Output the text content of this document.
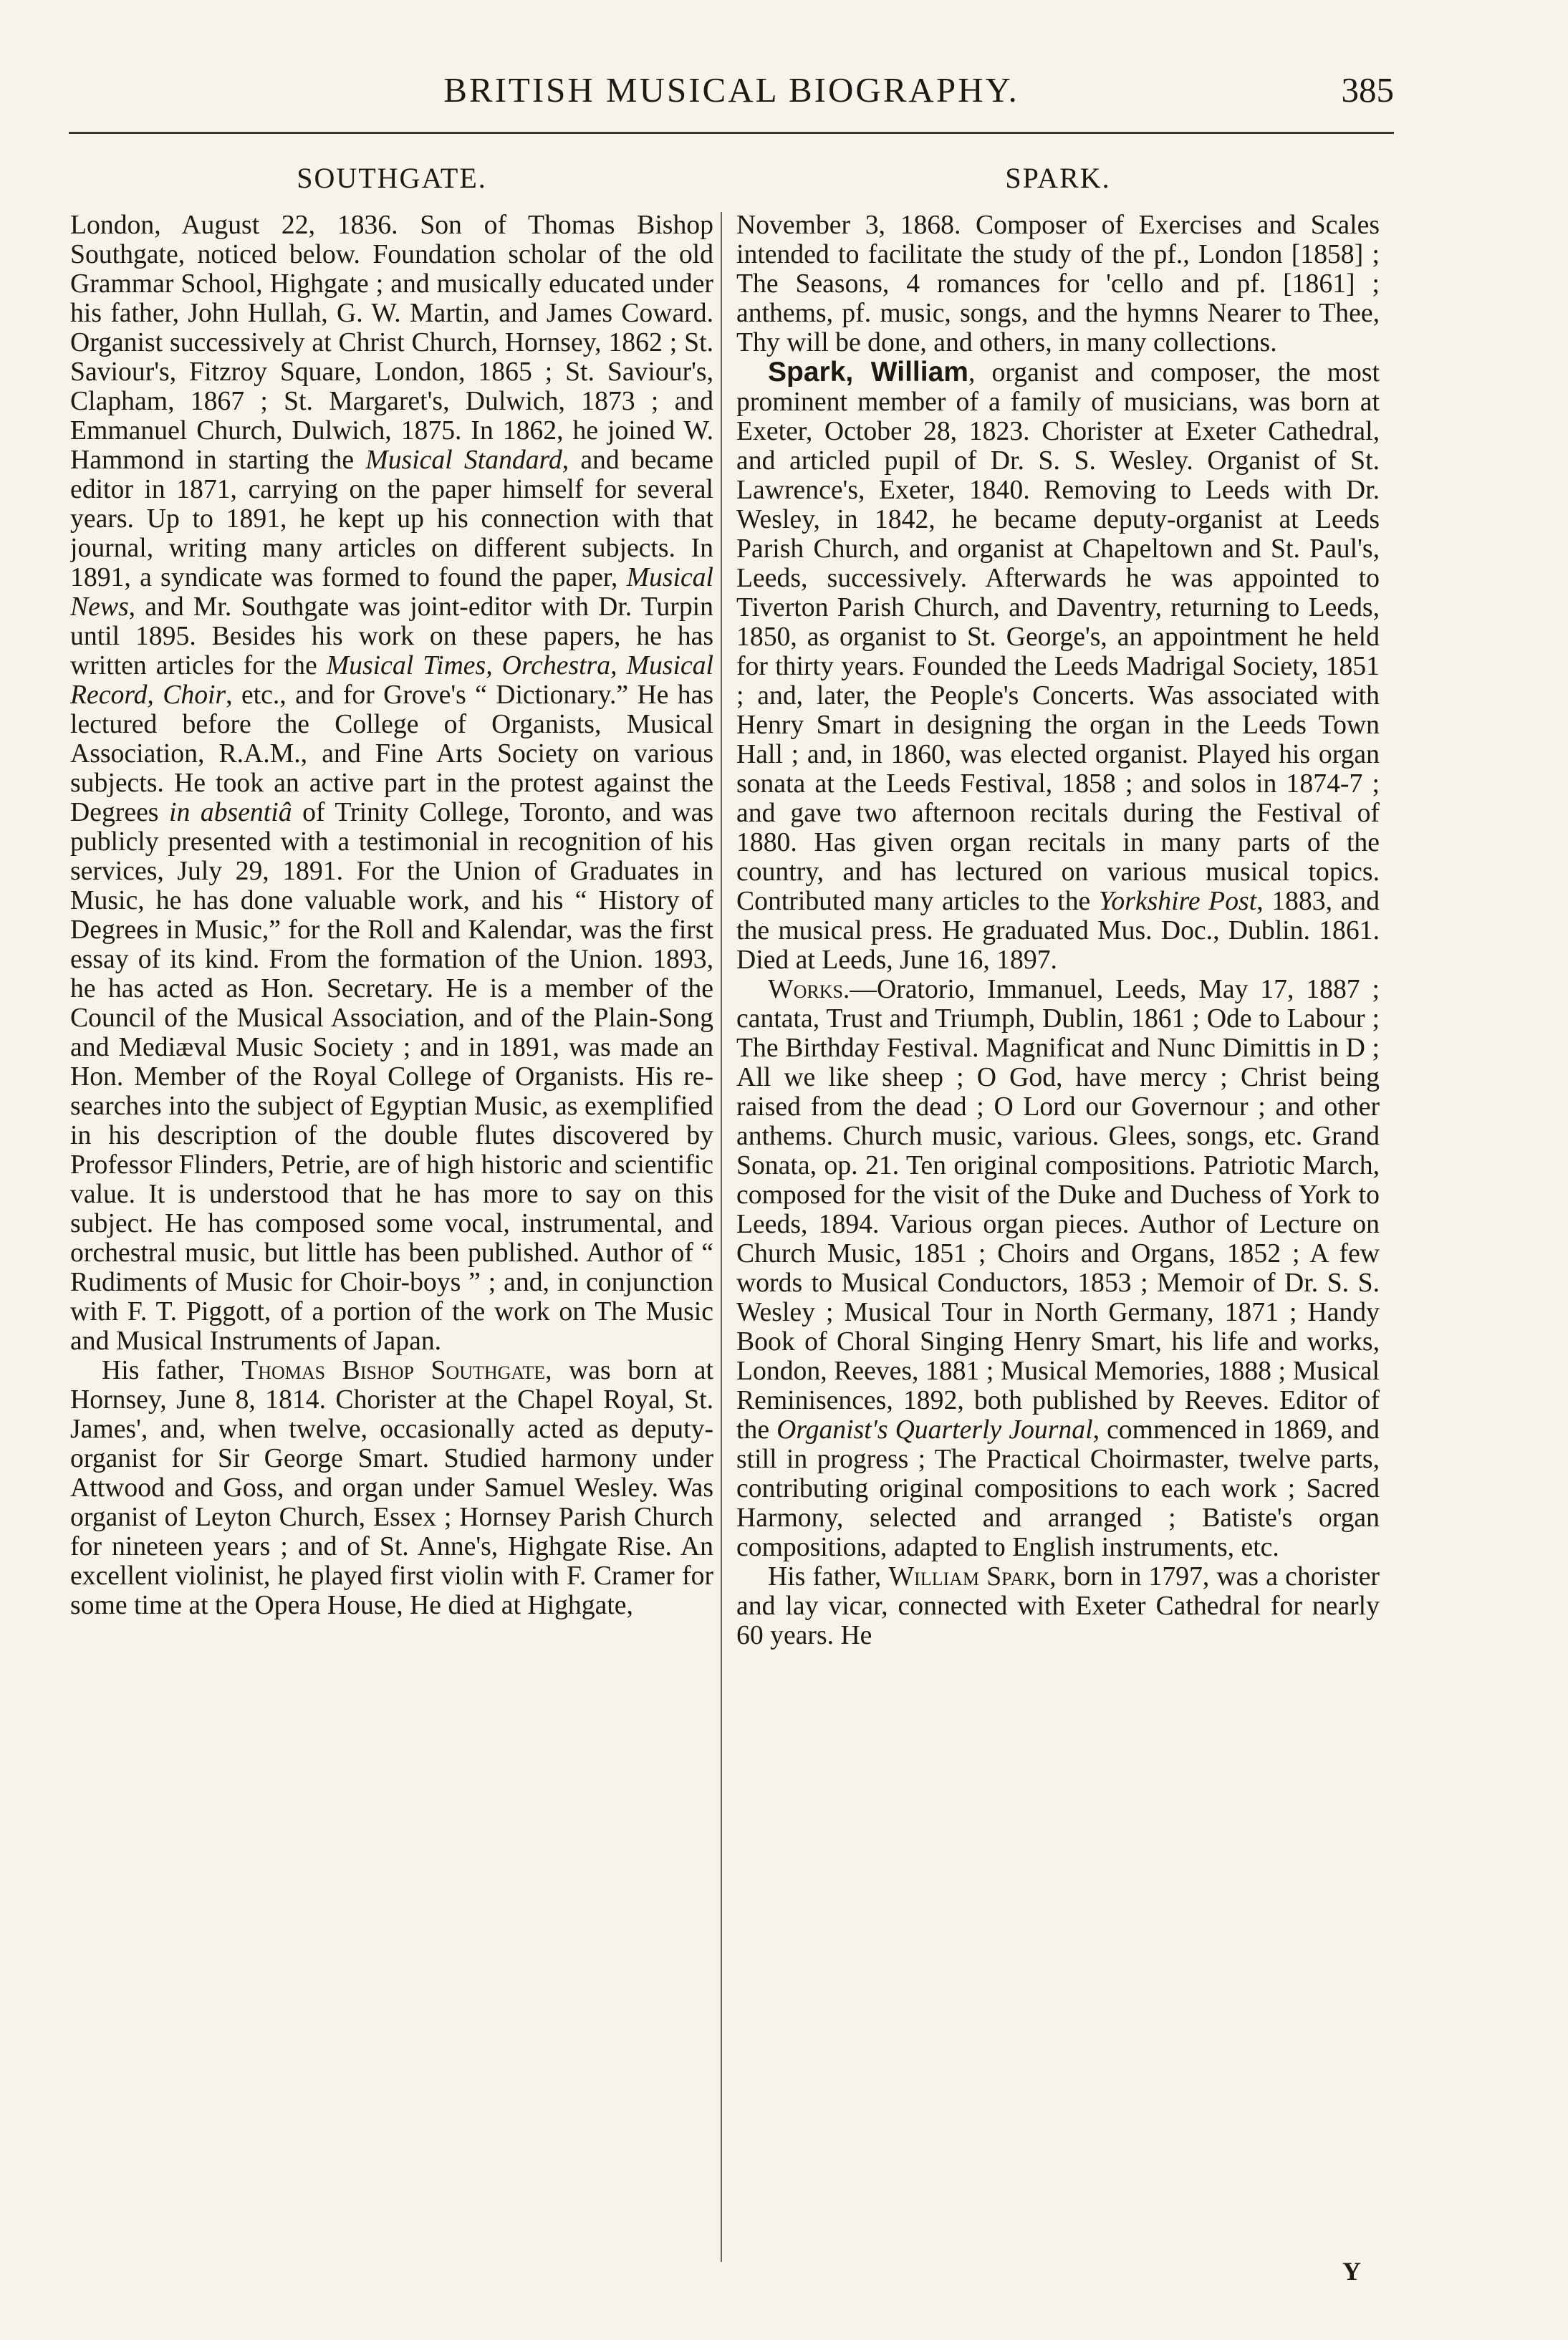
BRITISH MUSICAL BIOGRAPHY.	385
SOUTHGATE.	SPARK.

London, August 22, 1836. Son of Thomas Bishop Southgate, noticed below. Foundation scholar of the old Grammar School, Highgate ; and musically educated under his father, John Hullah, G. W. Martin, and James Coward. Organist successively at Christ Church, Hornsey, 1862 ; St. Saviour's, Fitzroy Square, London, 1865 ; St. Saviour's, Clapham, 1867 ; St. Margaret's, Dulwich, 1873 ; and Emmanuel Church, Dulwich, 1875. In 1862, he joined W. Hammond in starting the Musical Standard, and became editor in 1871, carrying on the paper himself for several years. Up to 1891, he kept up his connection with that journal, writing many articles on different subjects. In 1891, a syndicate was formed to found the paper, Musical News, and Mr. Southgate was joint-editor with Dr. Turpin until 1895. Besides his work on these papers, he has written articles for the Musical Times, Orchestra, Musical Record, Choir, etc., and for Grove's “ Dictionary.” He has lectured before the College of Organists, Musical Association, R.A.M., and Fine Arts Society on various subjects. He took an active part in the protest against the Degrees in absentiâ of Trinity College, Toronto, and was publicly presented with a testimonial in recognition of his services, July 29, 1891. For the Union of Graduates in Music, he has done valuable work, and his “ History of Degrees in Music,” for the Roll and Kalendar, was the first essay of its kind. From the formation of the Union. 1893, he has acted as Hon. Secretary. He is a member of the Council of the Musical Association, and of the Plain-Song and Mediæval Music Society ; and in 1891, was made an Hon. Member of the Royal College of Organists. His researches into the subject of Egyptian Music, as exemplified in his description of the double flutes discovered by Professor Flinders, Petrie, are of high historic and scientific value. It is understood that he has more to say on this subject. He has composed some vocal, instrumental, and orchestral music, but little has been published. Author of “ Rudiments of Music for Choir-boys ” ; and, in conjunction with F. T. Piggott, of a portion of the work on The Music and Musical Instruments of Japan.

His father, Thomas Bishop Southgate, was born at Hornsey, June 8, 1814. Chorister at the Chapel Royal, St. James', and, when twelve, occasionally acted as deputy-organist for Sir George Smart. Studied harmony under Attwood and Goss, and organ under Samuel Wesley. Was organist of Leyton Church, Essex ; Hornsey Parish Church for nineteen years ; and of St. Anne's, Highgate Rise. An excellent violinist, he played first violin with F. Cramer for some time at the Opera House, He died at Highgate,

November 3, 1868. Composer of Exercises and Scales intended to facilitate the study of the pf., London [1858] ; The Seasons, 4 romances for 'cello and pf. [1861] ; anthems, pf. music, songs, and the hymns Nearer to Thee, Thy will be done, and others, in many collections.

Spark, William, organist and composer, the most prominent member of a family of musicians, was born at Exeter, October 28, 1823. Chorister at Exeter Cathedral, and articled pupil of Dr. S. S. Wesley. Organist of St. Lawrence's, Exeter, 1840. Removing to Leeds with Dr. Wesley, in 1842, he became deputy-organist at Leeds Parish Church, and organist at Chapeltown and St. Paul's, Leeds, successively. Afterwards he was appointed to Tiverton Parish Church, and Daventry, returning to Leeds, 1850, as organist to St. George's, an appointment he held for thirty years. Founded the Leeds Madrigal Society, 1851 ; and, later, the People's Concerts. Was associated with Henry Smart in designing the organ in the Leeds Town Hall ; and, in 1860, was elected organist. Played his organ sonata at the Leeds Festival, 1858 ; and solos in 1874-7 ; and gave two afternoon recitals during the Festival of 1880. Has given organ recitals in many parts of the country, and has lectured on various musical topics. Contributed many articles to the Yorkshire Post, 1883, and the musical press. He graduated Mus. Doc., Dublin. 1861. Died at Leeds, June 16, 1897.

Works.—Oratorio, Immanuel, Leeds, May 17, 1887 ; cantata, Trust and Triumph, Dublin, 1861 ; Ode to Labour ; The Birthday Festival. Magnificat and Nunc Dimittis in D ; All we like sheep ; O God, have mercy ; Christ being raised from the dead ; O Lord our Governour ; and other anthems. Church music, various. Glees, songs, etc. Grand Sonata, op. 21. Ten original compositions. Patriotic March, composed for the visit of the Duke and Duchess of York to Leeds, 1894. Various organ pieces. Author of Lecture on Church Music, 1851 ; Choirs and Organs, 1852 ; A few words to Musical Conductors, 1853 ; Memoir of Dr. S. S. Wesley ; Musical Tour in North Germany, 1871 ; Handy Book of Choral Singing Henry Smart, his life and works, London, Reeves, 1881 ; Musical Memories, 1888 ; Musical Reminisences, 1892, both published by Reeves. Editor of the Organist's Quarterly Journal, commenced in 1869, and still in progress ; The Practical Choirmaster, twelve parts, contributing original compositions to each work ; Sacred Harmony, selected and arranged ; Batiste's organ compositions, adapted to English instruments, etc.

His father, William Spark, born in 1797, was a chorister and lay vicar, connected with Exeter Cathedral for nearly 60 years. He

Y
